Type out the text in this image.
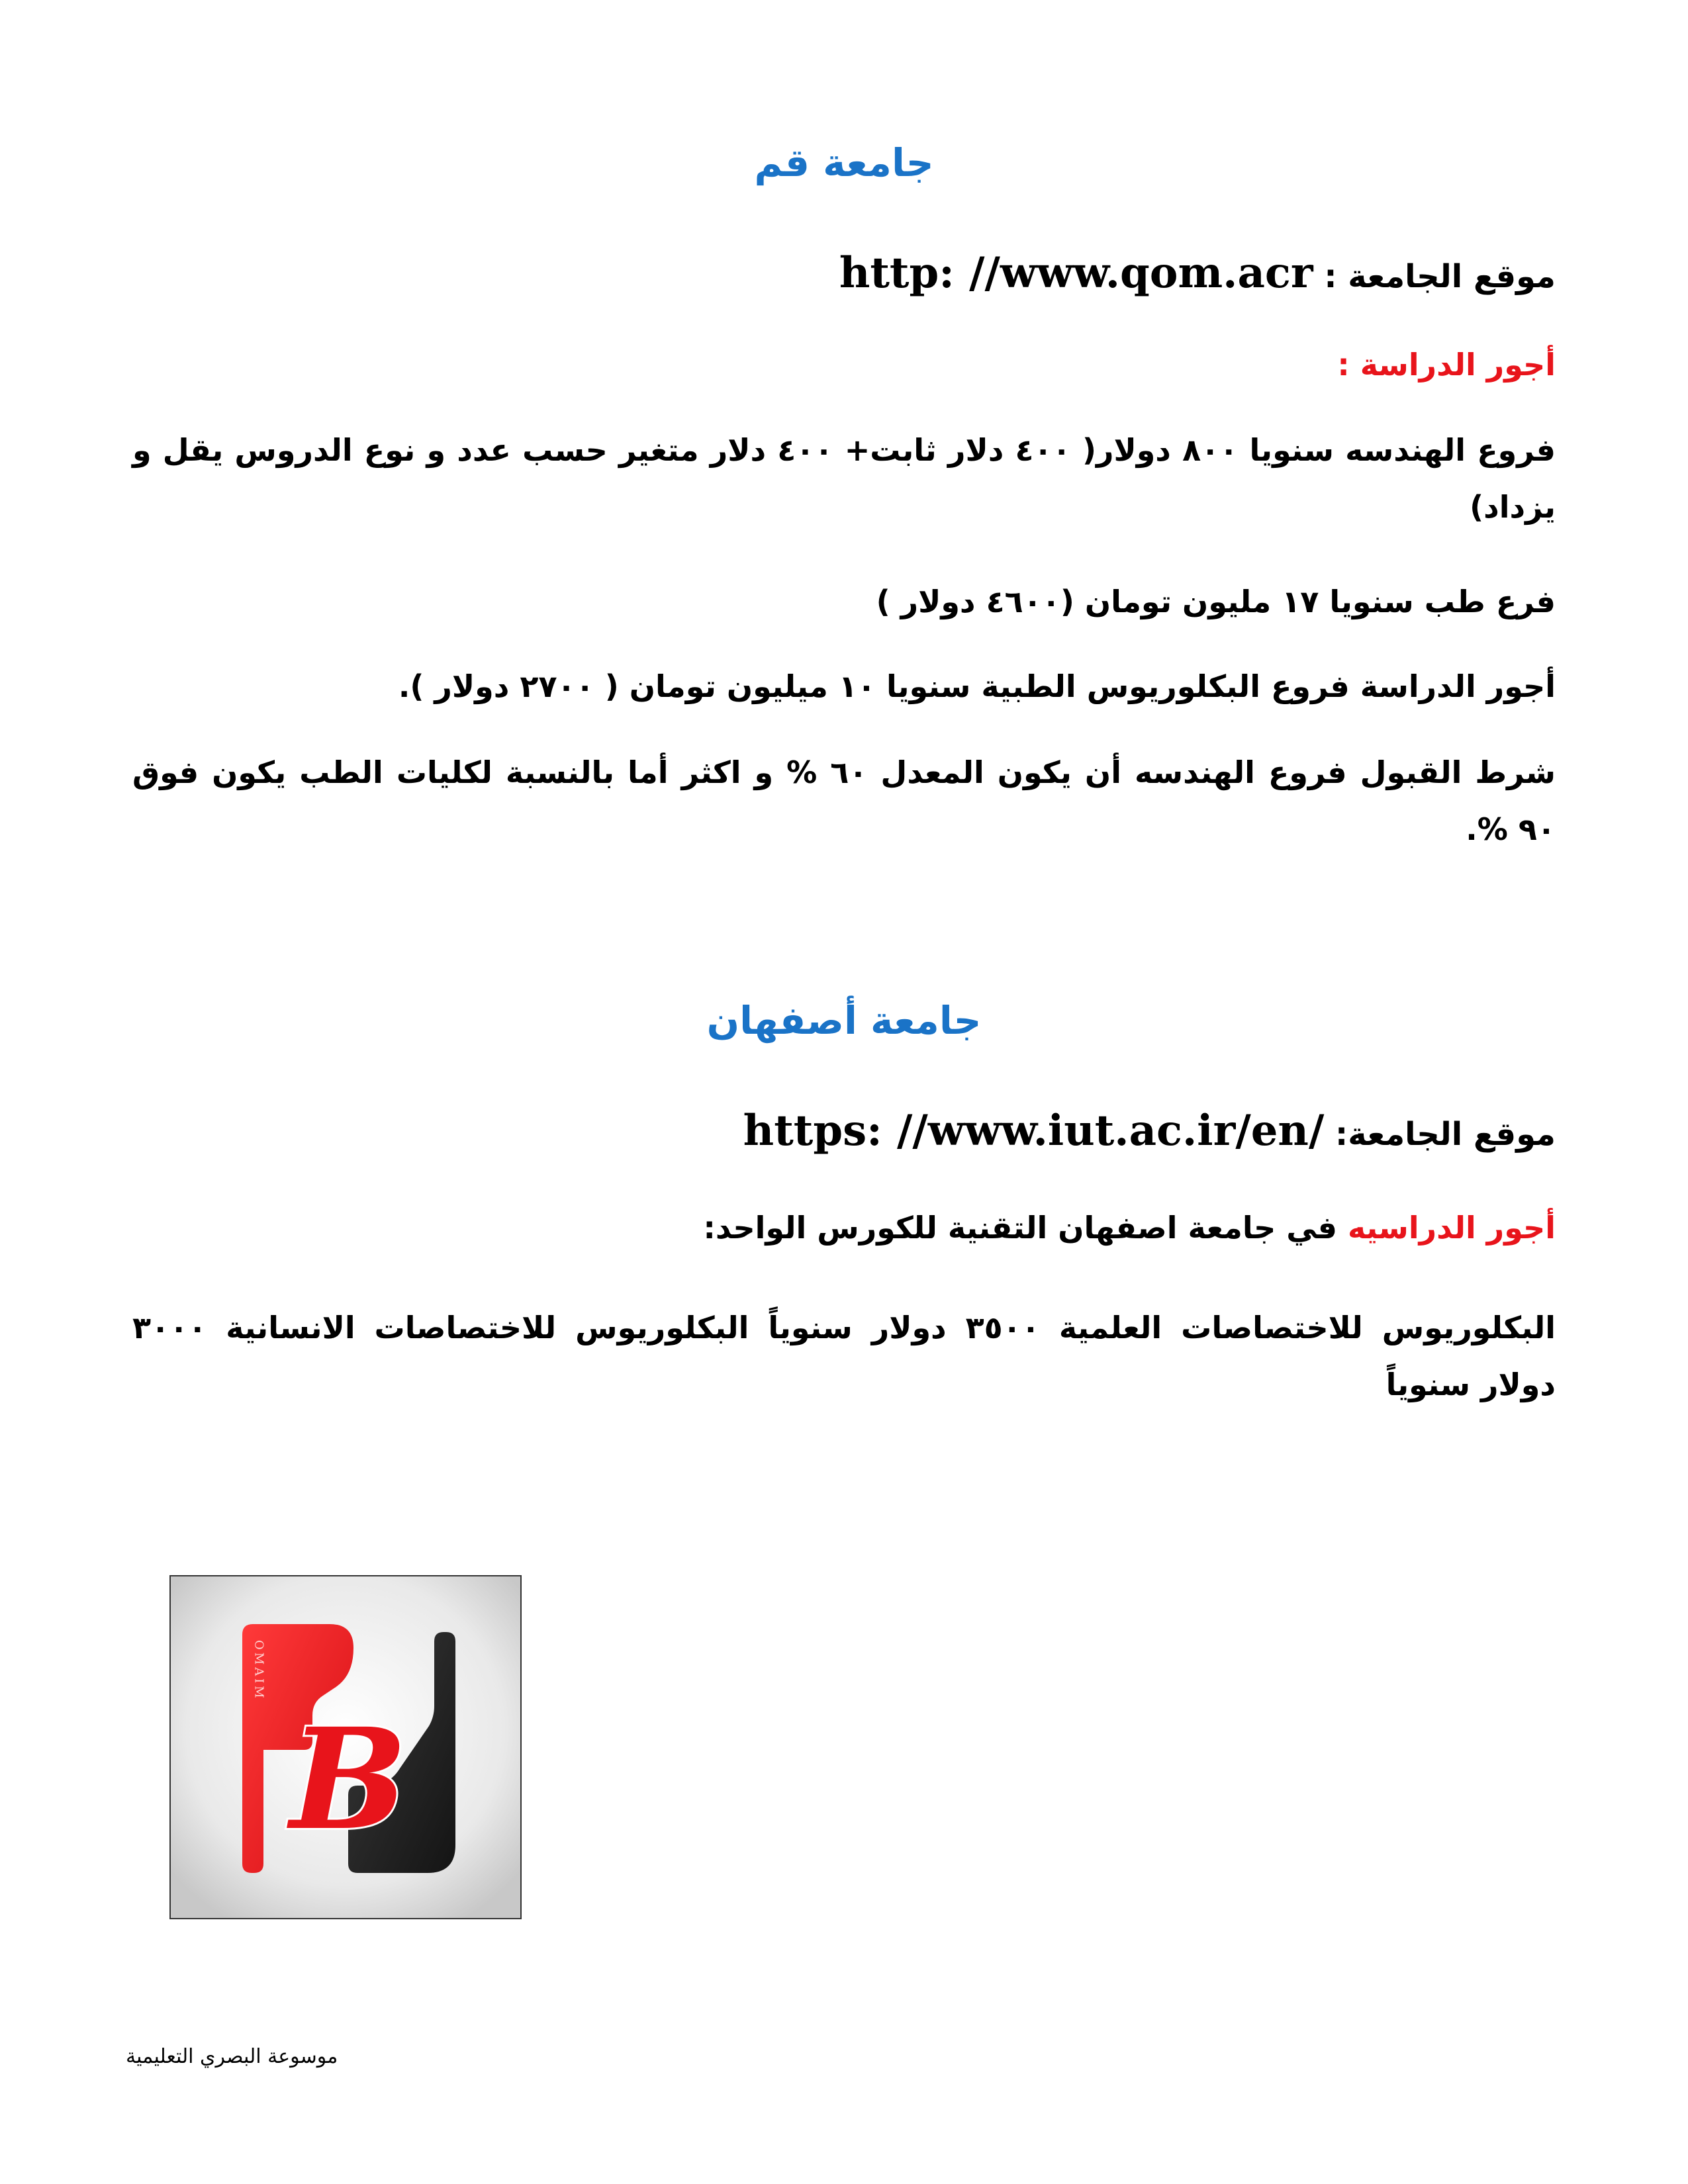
جامعة قم

موقع الجامعة : http: //www.qom.acr

أجور الدراسة :

فروع الهندسه سنويا ٨٠٠ دولار( ٤٠٠ دلار ثابت+ ٤٠٠ دلار متغير حسب عدد و نوع الدروس يقل و يزداد)

فرع طب سنويا ١٧ مليون تومان (٤٦٠٠ دولار )

أجور الدراسة فروع البكلوريوس الطبية سنويا ١٠ ميليون تومان ( ٢٧٠٠ دولار ).

شرط القبول فروع الهندسه أن يكون المعدل ٦٠ % و اكثر أما بالنسبة لكليات الطب يكون فوق ٩٠ %.

جامعة أصفهان

موقع الجامعة: https: //www.iut.ac.ir/en/

أجور الدراسيه في جامعة اصفهان التقنية للكورس الواحد:

البكلوريوس للاختصاصات العلمية ٣٥٠٠ دولار سنوياً البكلوريوس للاختصاصات الانسانية ٣٠٠٠ دولار سنوياً

B
OMAIM

موسوعة البصري التعليمية
